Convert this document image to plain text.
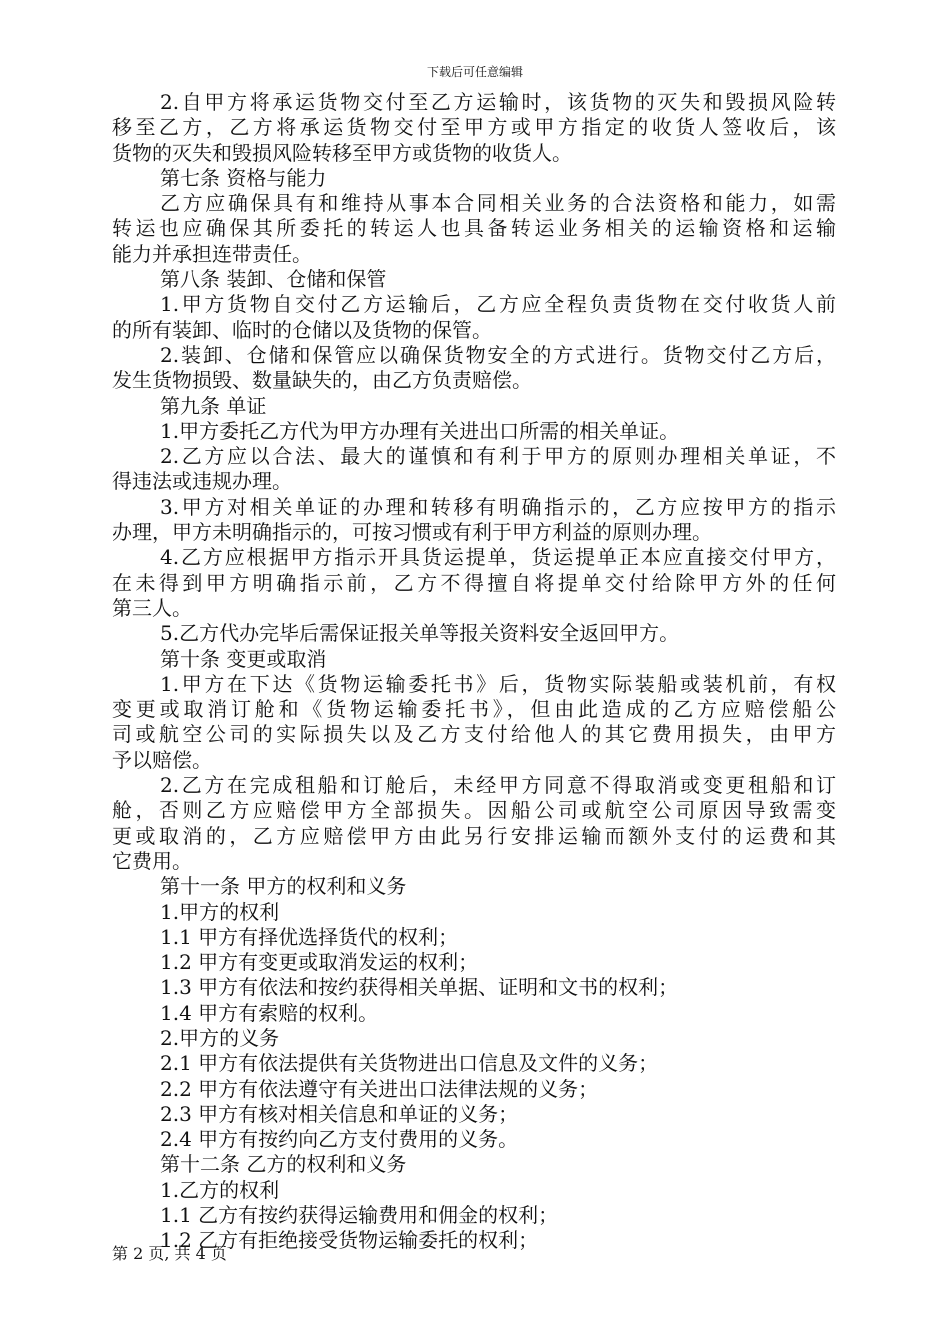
下载后可任意编辑
2.自甲方将承运货物交付至乙方运输时，该货物的灭失和毁损风险转
移至乙方，乙方将承运货物交付至甲方或甲方指定的收货人签收后，该
货物的灭失和毁损风险转移至甲方或货物的收货人。
第七条 资格与能力
乙方应确保具有和维持从事本合同相关业务的合法资格和能力，如需
转运也应确保其所委托的转运人也具备转运业务相关的运输资格和运输
能力并承担连带责任。
第八条 装卸、仓储和保管
1.甲方货物自交付乙方运输后，乙方应全程负责货物在交付收货人前
的所有装卸、临时的仓储以及货物的保管。
2.装卸、仓储和保管应以确保货物安全的方式进行。货物交付乙方后，
发生货物损毁、数量缺失的，由乙方负责赔偿。
第九条 单证
1.甲方委托乙方代为甲方办理有关进出口所需的相关单证。
2.乙方应以合法、最大的谨慎和有利于甲方的原则办理相关单证，不
得违法或违规办理。
3.甲方对相关单证的办理和转移有明确指示的，乙方应按甲方的指示
办理，甲方未明确指示的，可按习惯或有利于甲方利益的原则办理。
4.乙方应根据甲方指示开具货运提单，货运提单正本应直接交付甲方，
在未得到甲方明确指示前，乙方不得擅自将提单交付给除甲方外的任何
第三人。
5.乙方代办完毕后需保证报关单等报关资料安全返回甲方。
第十条 变更或取消
1.甲方在下达《货物运输委托书》后，货物实际装船或装机前，有权
变更或取消订舱和《货物运输委托书》，但由此造成的乙方应赔偿船公
司或航空公司的实际损失以及乙方支付给他人的其它费用损失，由甲方
予以赔偿。
2.乙方在完成租船和订舱后，未经甲方同意不得取消或变更租船和订
舱，否则乙方应赔偿甲方全部损失。因船公司或航空公司原因导致需变
更或取消的，乙方应赔偿甲方由此另行安排运输而额外支付的运费和其
它费用。
第十一条 甲方的权利和义务
1.甲方的权利
1.1 甲方有择优选择货代的权利；
1.2 甲方有变更或取消发运的权利；
1.3 甲方有依法和按约获得相关单据、证明和文书的权利；
1.4 甲方有索赔的权利。
2.甲方的义务
2.1 甲方有依法提供有关货物进出口信息及文件的义务；
2.2 甲方有依法遵守有关进出口法律法规的义务；
2.3 甲方有核对相关信息和单证的义务；
2.4 甲方有按约向乙方支付费用的义务。
第十二条 乙方的权利和义务
1.乙方的权利
1.1 乙方有按约获得运输费用和佣金的权利；
1.2 乙方有拒绝接受货物运输委托的权利；
第 2 页, 共 4 页
